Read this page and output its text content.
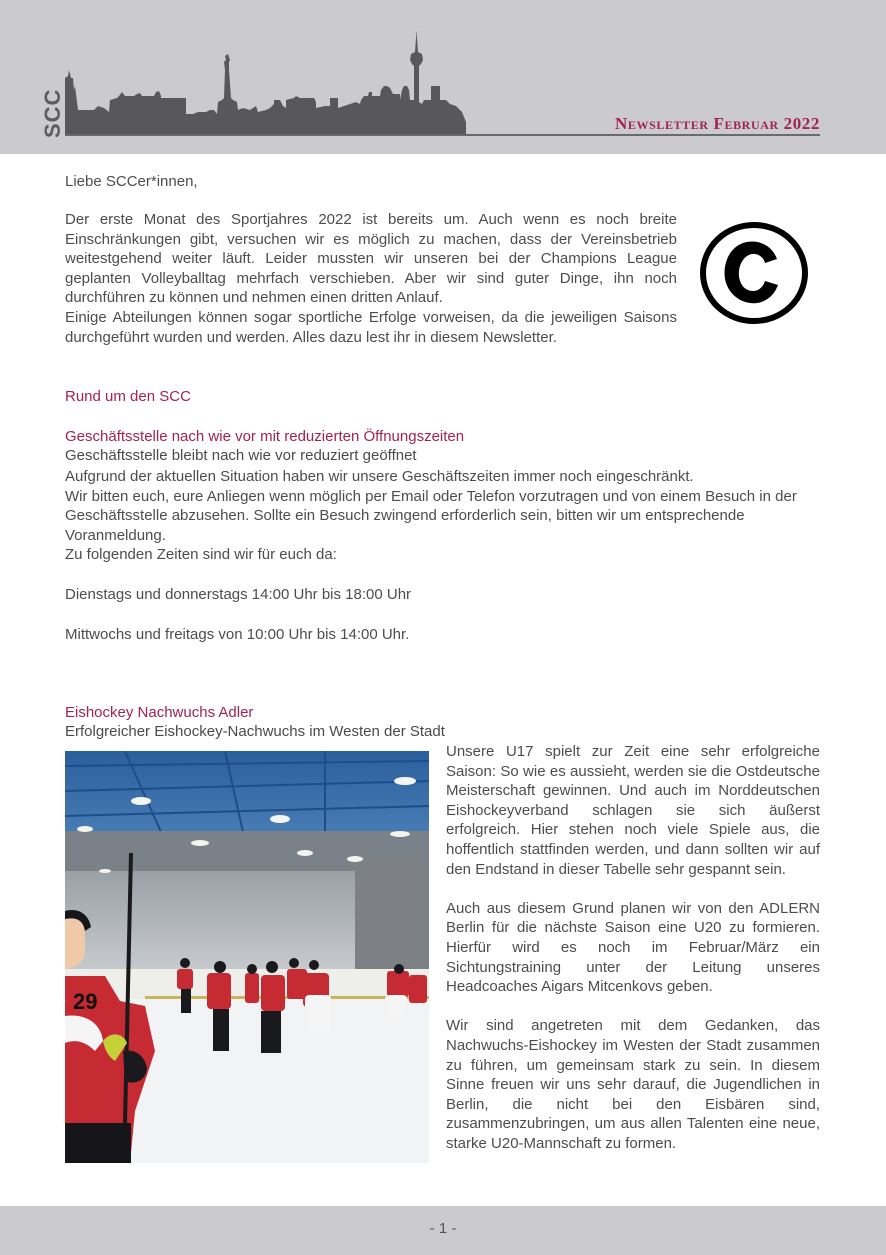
SCC	Newsletter Februar 2022
Liebe SCCer*innen,
Der erste Monat des Sportjahres 2022 ist bereits um. Auch wenn es noch breite Einschränkungen gibt, versuchen wir es möglich zu machen, dass der Vereinsbetrieb weitestgehend weiter läuft. Leider mussten wir unseren bei der Champions League geplanten Volleyballtag mehrfach verschieben. Aber wir sind guter Dinge, ihn noch durchführen zu können und nehmen einen dritten Anlauf.
Einige Abteilungen können sogar sportliche Erfolge vorweisen, da die jeweiligen Saisons durchgeführt wurden und werden. Alles dazu lest ihr in diesem Newsletter.
Rund um den SCC
Geschäftsstelle nach wie vor mit reduzierten Öffnungszeiten
Geschäftsstelle bleibt nach wie vor reduziert geöffnet
Aufgrund der aktuellen Situation haben wir unsere Geschäftszeiten immer noch eingeschränkt.
Wir bitten euch, eure Anliegen wenn möglich per Email oder Telefon vorzutragen und von einem Besuch in der Geschäftsstelle abzusehen. Sollte ein Besuch zwingend erforderlich sein, bitten wir um entsprechende Voranmeldung.
Zu folgenden Zeiten sind wir für euch da:
Dienstags und donnerstags 14:00 Uhr bis 18:00 Uhr
Mittwochs und freitags von 10:00 Uhr bis 14:00 Uhr.
Eishockey Nachwuchs Adler
Erfolgreicher Eishockey-Nachwuchs im Westen der Stadt
29

Unsere U17 spielt zur Zeit eine sehr erfolgreiche Saison: So wie es aussieht, werden sie die Ostdeutsche Meisterschaft gewinnen. Und auch im Norddeutschen Eishockeyverband schlagen sie sich äußerst erfolgreich. Hier stehen noch viele Spiele aus, die hoffentlich stattfinden werden, und dann sollten wir auf den Endstand in dieser Tabelle sehr gespannt sein.

Auch aus diesem Grund planen wir von den ADLERN Berlin für die nächste Saison eine U20 zu formieren. Hierfür wird es noch im Februar/März ein Sichtungstraining unter der Leitung unseres Headcoaches Aigars Mitcenkovs geben.

Wir sind angetreten mit dem Gedanken, das Nachwuchs-Eishockey im Westen der Stadt zusammen zu führen, um gemeinsam stark zu sein. In diesem Sinne freuen wir uns sehr darauf, die Jugendlichen in Berlin, die nicht bei den Eisbären sind, zusammenzubringen, um aus allen Talenten eine neue, starke U20-Mannschaft zu formen.

- 1 -
